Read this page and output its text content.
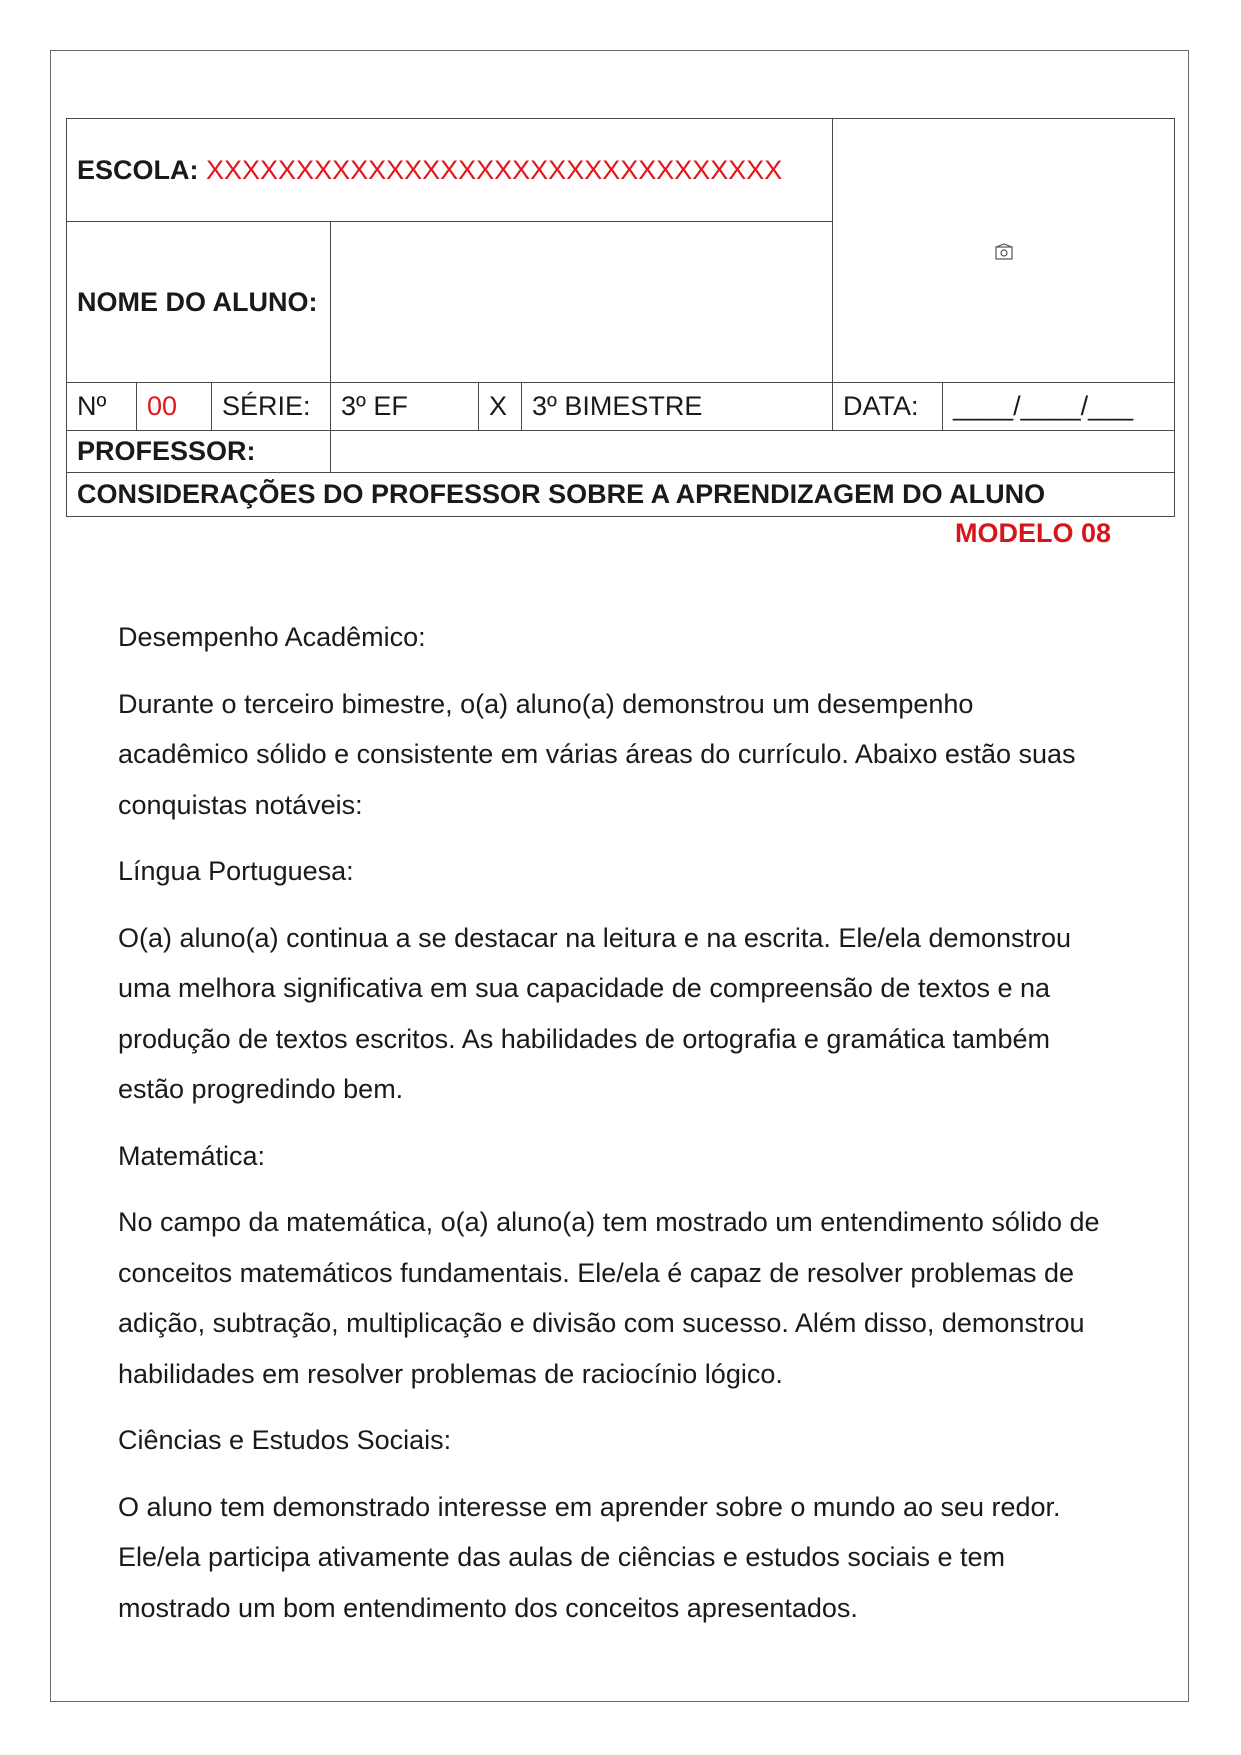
ESCOLA: XXXXXXXXXXXXXXXXXXXXXXXXXXXXXXXX	
NOME DO ALUNO:							
Nº	00	SÉRIE:	3º EF	X	3º BIMESTRE	DATA:	____/____/___
PROFESSOR:							
CONSIDERAÇÕES DO PROFESSOR SOBRE A APRENDIZAGEM DO ALUNO							
MODELO 08

Desempenho Acadêmico:

Durante o terceiro bimestre, o(a) aluno(a) demonstrou um desempenho acadêmico sólido e consistente em várias áreas do currículo. Abaixo estão suas conquistas notáveis:

Língua Portuguesa:

O(a) aluno(a) continua a se destacar na leitura e na escrita. Ele/ela demonstrou uma melhora significativa em sua capacidade de compreensão de textos e na produção de textos escritos. As habilidades de ortografia e gramática também estão progredindo bem.

Matemática:

No campo da matemática, o(a) aluno(a) tem mostrado um entendimento sólido de conceitos matemáticos fundamentais. Ele/ela é capaz de resolver problemas de adição, subtração, multiplicação e divisão com sucesso. Além disso, demonstrou habilidades em resolver problemas de raciocínio lógico.

Ciências e Estudos Sociais:

O aluno tem demonstrado interesse em aprender sobre o mundo ao seu redor. Ele/ela participa ativamente das aulas de ciências e estudos sociais e tem mostrado um bom entendimento dos conceitos apresentados.
